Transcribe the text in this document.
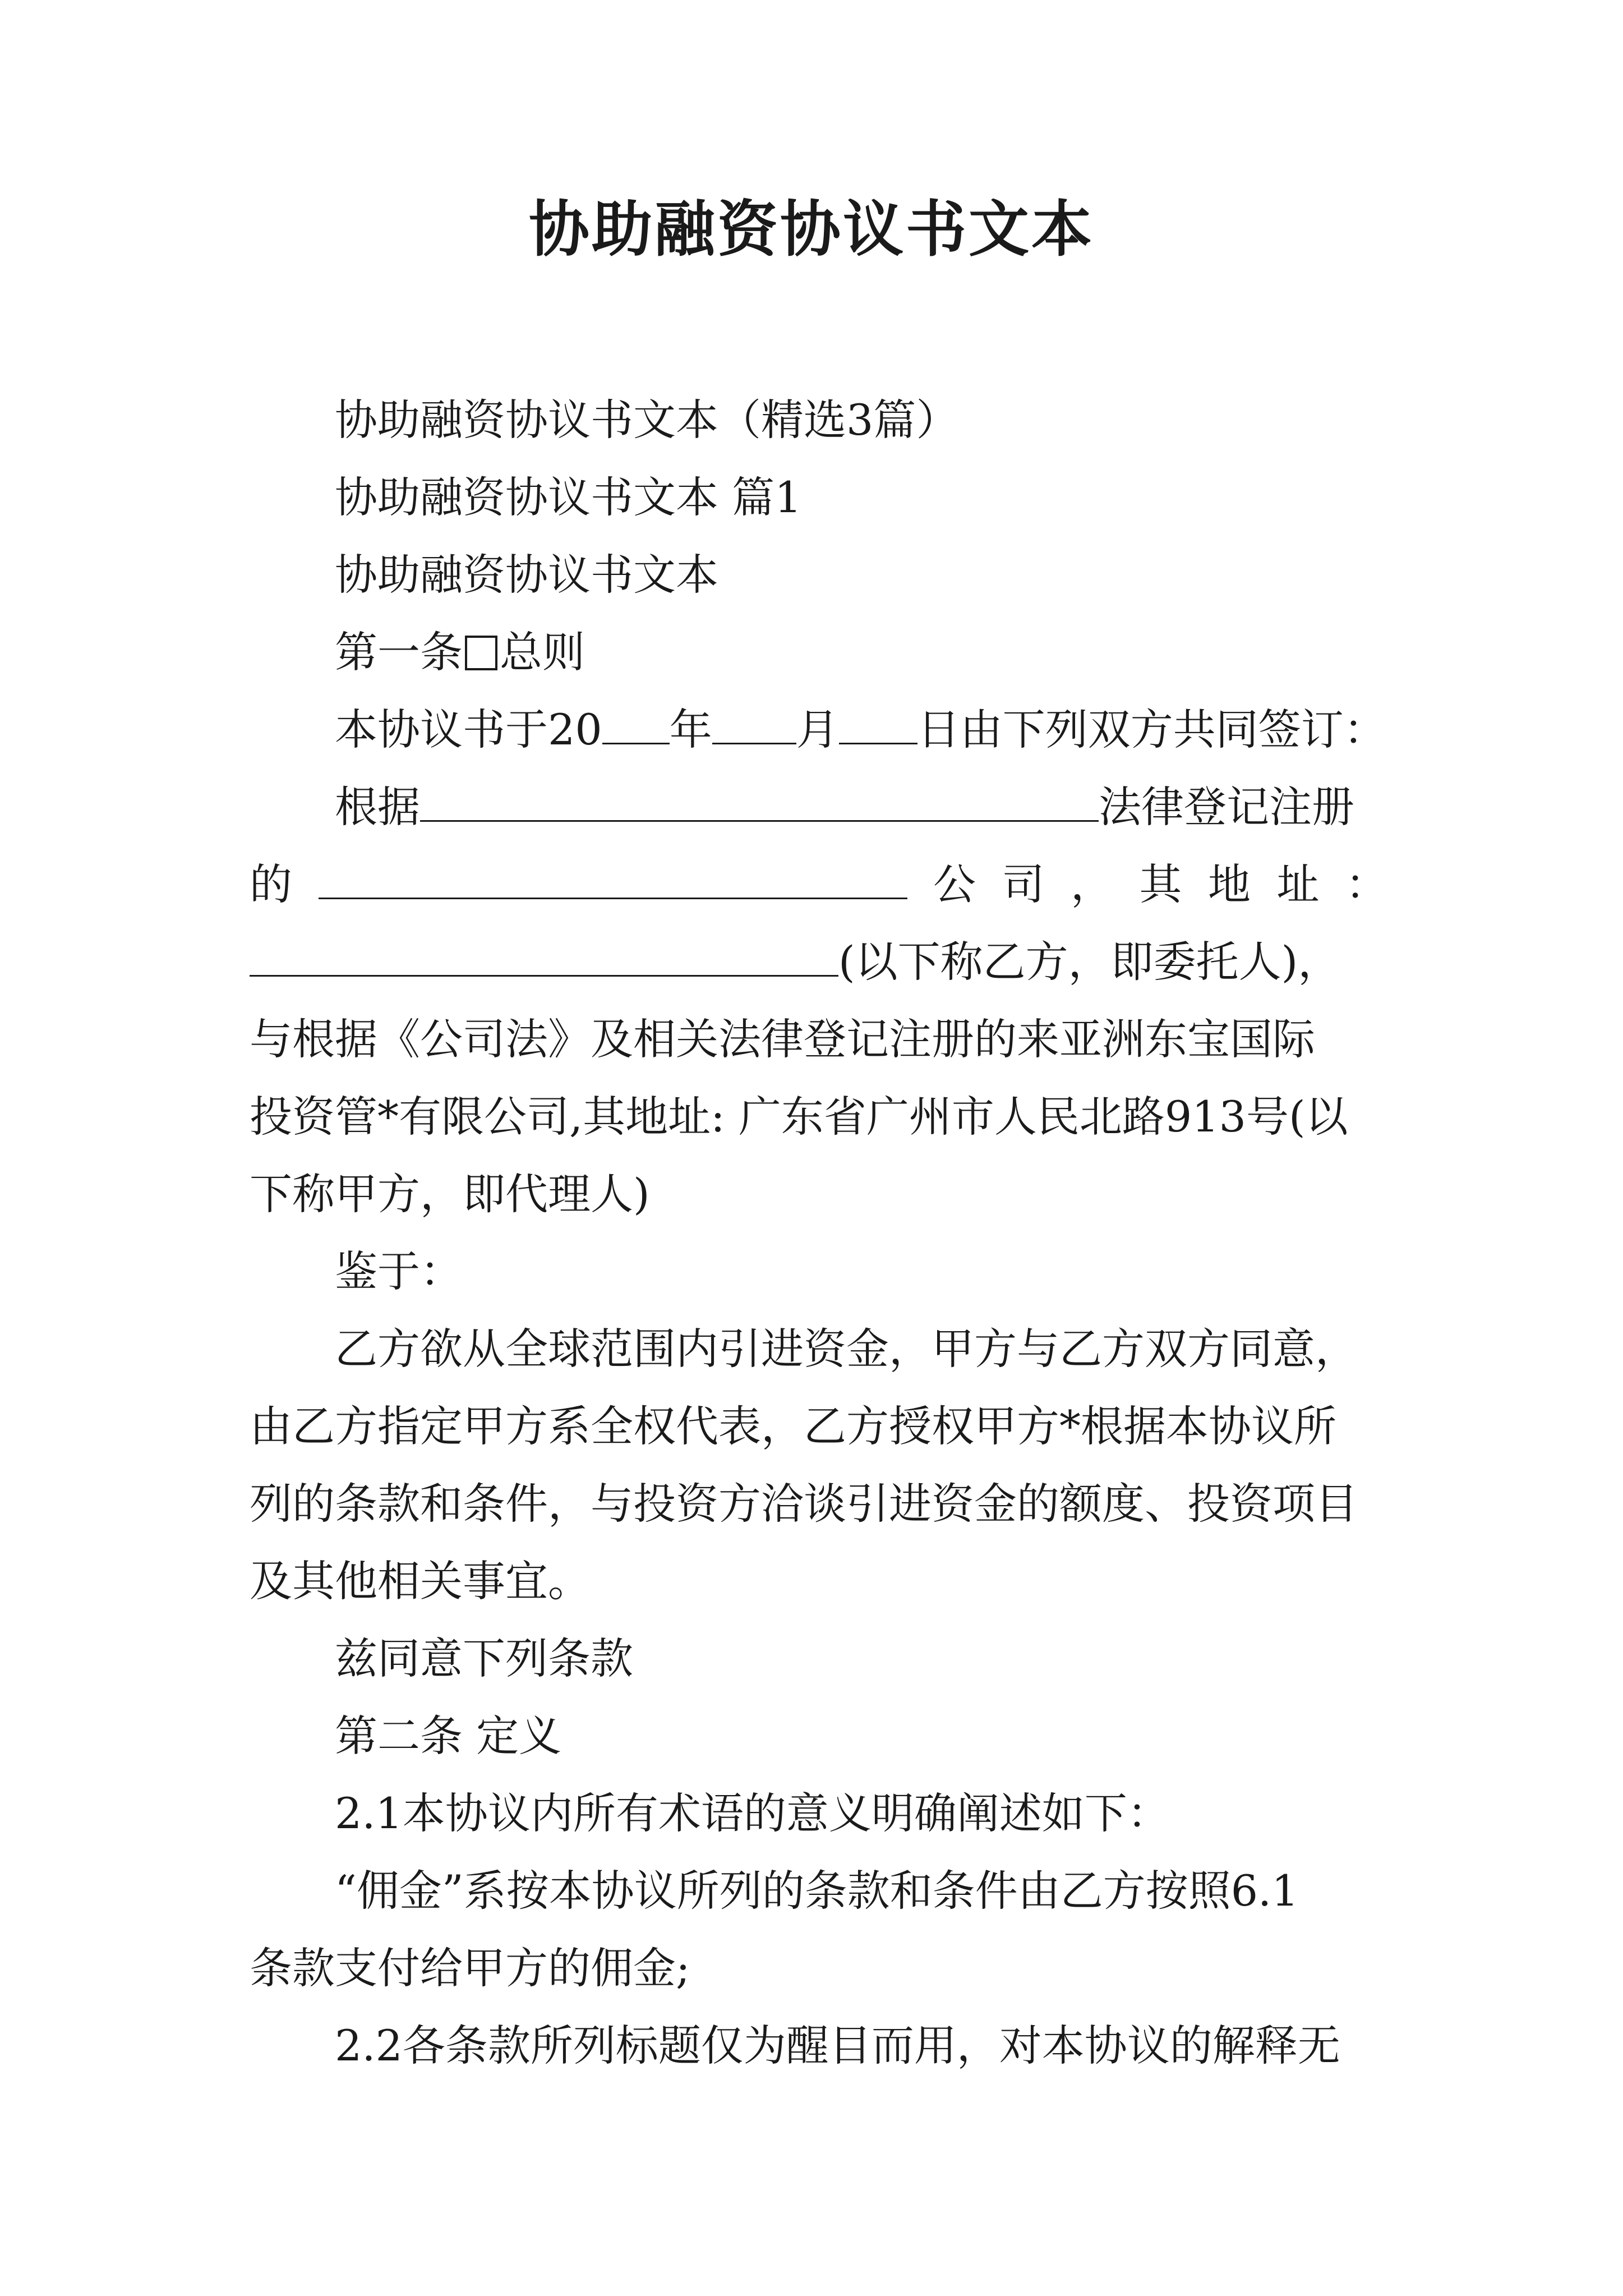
协助融资协议书文本

协助融资协议书文本（精选3篇）

协助融资协议书文本 篇1

协助融资协议书文本

第一条 总则

本协议书于20 年 月 日由下列双方共同签订：

根据	法律登记注册

的	公 司 ， 其 地 址 ：

(以下称乙方，即委托人)，

与根据《公司法》及相关法律登记注册的来亚洲东宝国际

投资管*有限公司,其地址: 广东省广州市人民北路913号(以

下称甲方，即代理人)

鉴于：

乙方欲从全球范围内引进资金，甲方与乙方双方同意，

由乙方指定甲方系全权代表，乙方授权甲方*根据本协议所

列的条款和条件，与投资方洽谈引进资金的额度、投资项目

及其他相关事宜。

兹同意下列条款

第二条 定义

2.1本协议内所有术语的意义明确阐述如下：

“佣金”系按本协议所列的条款和条件由乙方按照6.1

条款支付给甲方的佣金;

2.2各条款所列标题仅为醒目而用，对本协议的解释无
